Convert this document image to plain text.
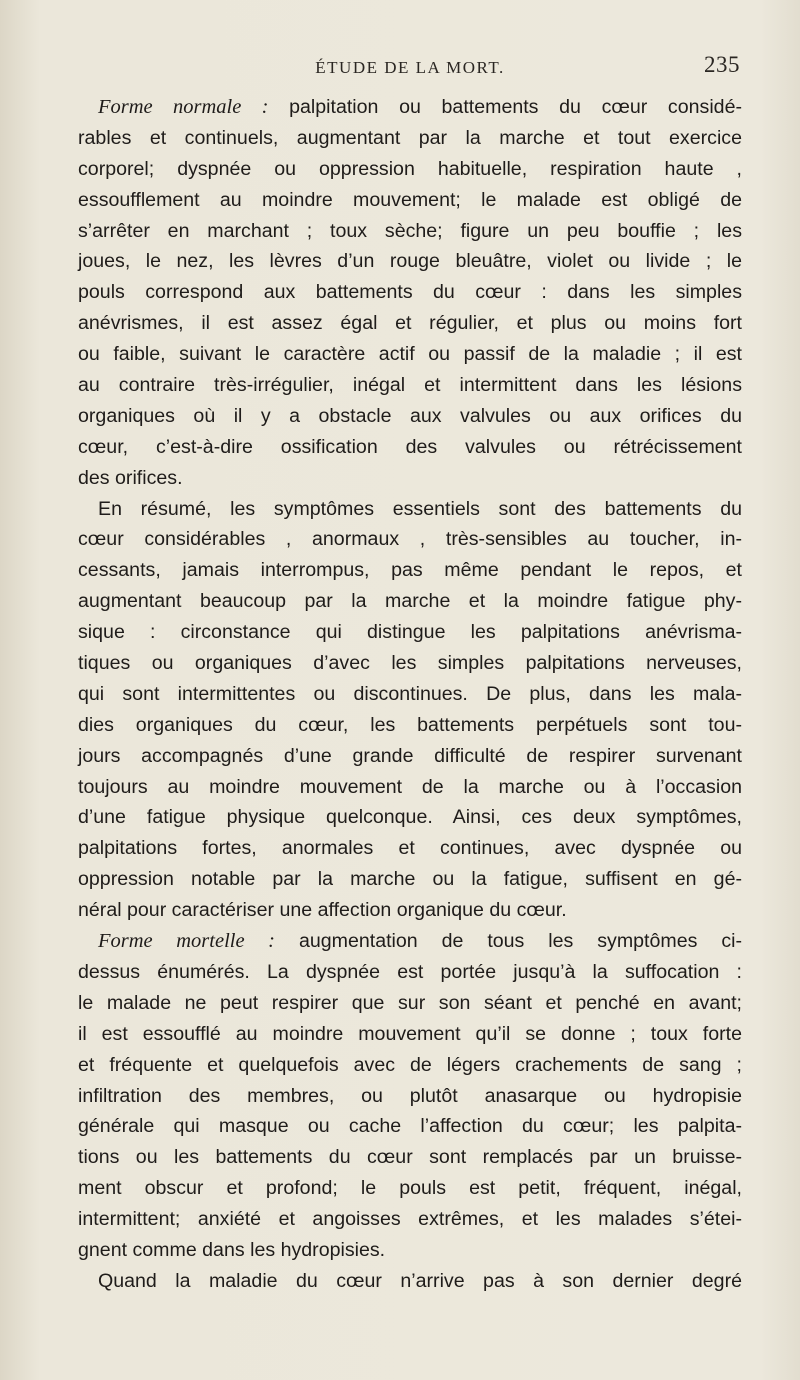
ÉTUDE DE LA MORT.	235
Forme normale : palpitation ou battements du cœur considé-
rables et continuels, augmentant par la marche et tout exercice
corporel; dyspnée ou oppression habituelle, respiration haute ,
essoufflement au moindre mouvement; le malade est obligé de
s’arrêter en marchant ; toux sèche; figure un peu bouffie ; les
joues, le nez, les lèvres d’un rouge bleuâtre, violet ou livide ; le
pouls correspond aux battements du cœur : dans les simples
anévrismes, il est assez égal et régulier, et plus ou moins fort
ou faible, suivant le caractère actif ou passif de la maladie ; il est
au contraire très-irrégulier, inégal et intermittent dans les lésions
organiques où il y a obstacle aux valvules ou aux orifices du
cœur, c’est-à-dire ossification des valvules ou rétrécissement
des orifices.
En résumé, les symptômes essentiels sont des battements du
cœur considérables , anormaux , très-sensibles au toucher, in-
cessants, jamais interrompus, pas même pendant le repos, et
augmentant beaucoup par la marche et la moindre fatigue phy-
sique : circonstance qui distingue les palpitations anévrisma-
tiques ou organiques d’avec les simples palpitations nerveuses,
qui sont intermittentes ou discontinues. De plus, dans les mala-
dies organiques du cœur, les battements perpétuels sont tou-
jours accompagnés d’une grande difficulté de respirer survenant
toujours au moindre mouvement de la marche ou à l’occasion
d’une fatigue physique quelconque. Ainsi, ces deux symptômes,
palpitations fortes, anormales et continues, avec dyspnée ou
oppression notable par la marche ou la fatigue, suffisent en gé-
néral pour caractériser une affection organique du cœur.
Forme mortelle : augmentation de tous les symptômes ci-
dessus énumérés. La dyspnée est portée jusqu’à la suffocation :
le malade ne peut respirer que sur son séant et penché en avant;
il est essoufflé au moindre mouvement qu’il se donne ; toux forte
et fréquente et quelquefois avec de légers crachements de sang ;
infiltration des membres, ou plutôt anasarque ou hydropisie
générale qui masque ou cache l’affection du cœur; les palpita-
tions ou les battements du cœur sont remplacés par un bruisse-
ment obscur et profond; le pouls est petit, fréquent, inégal,
intermittent; anxiété et angoisses extrêmes, et les malades s’étei-
gnent comme dans les hydropisies.
Quand la maladie du cœur n’arrive pas à son dernier degré
